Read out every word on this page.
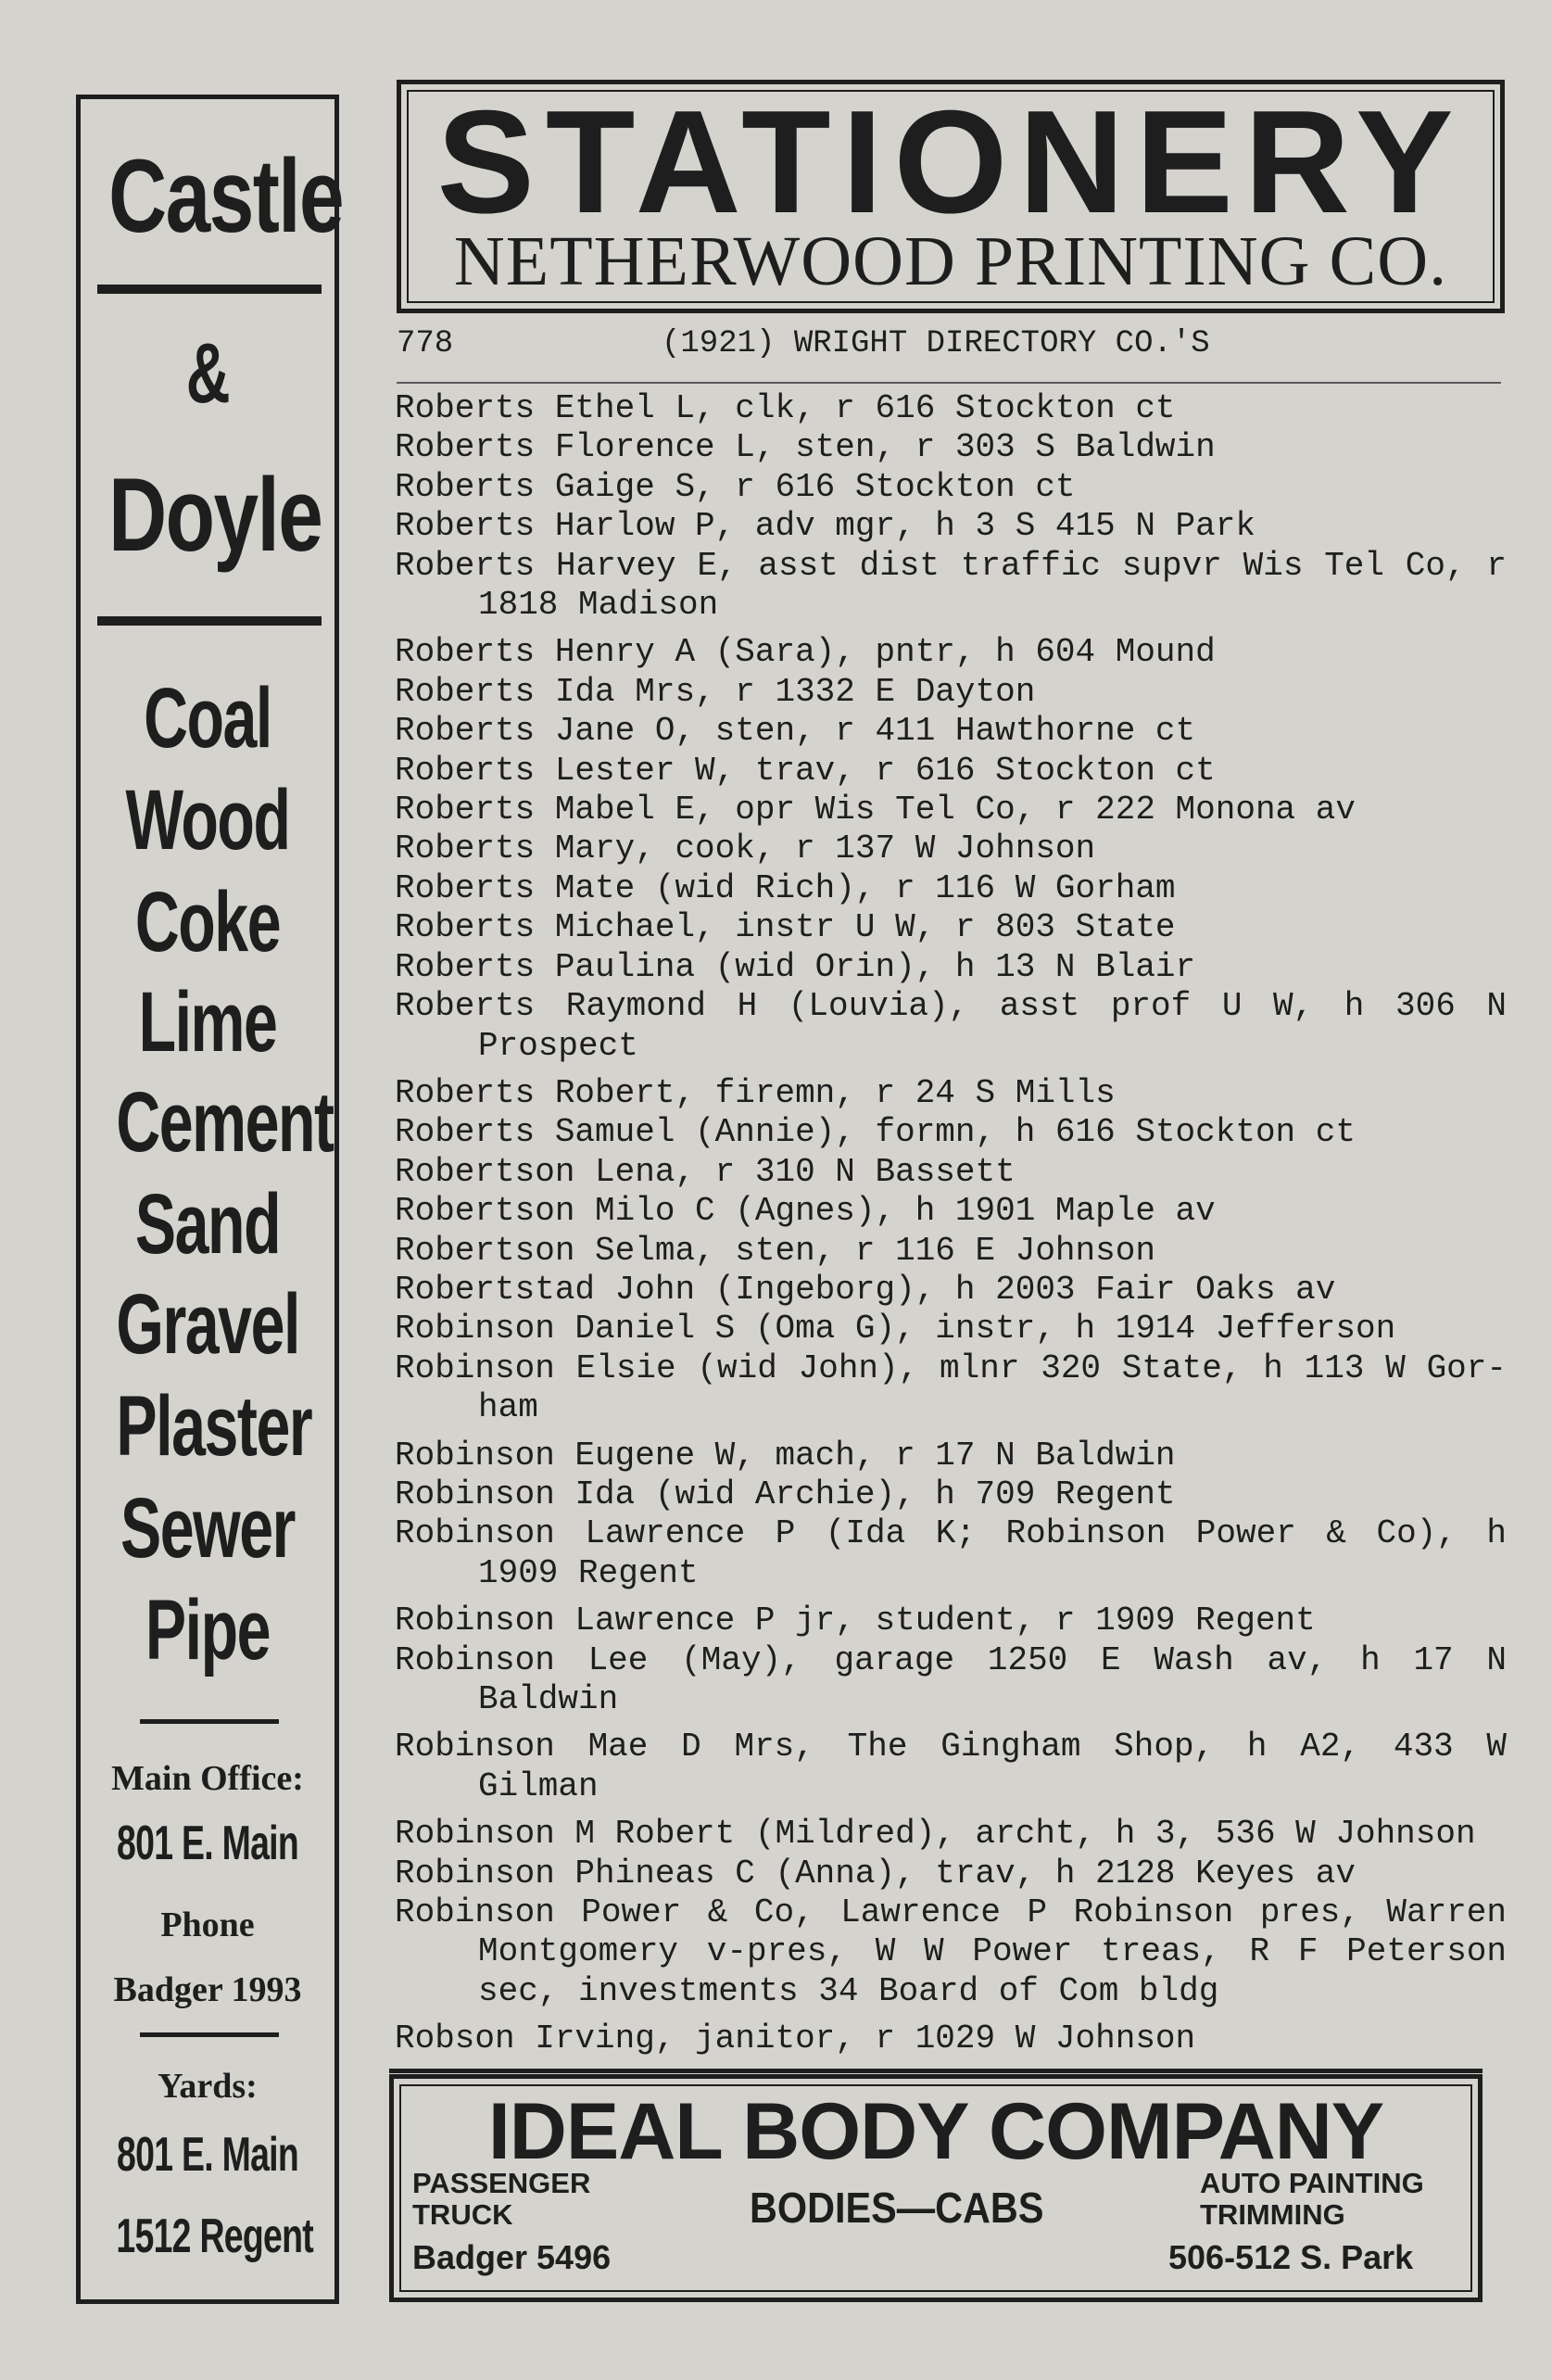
Castle
&
Doyle
Coal
Wood
Coke
Lime
Cement
Sand
Gravel
Plaster
Sewer
Pipe
Main Office:
801 E. Main
Phone
Badger 1993
Yards:
801 E. Main
1512 Regent
STATIONERY
NETHERWOOD PRINTING CO.
778	(1921) WRIGHT DIRECTORY CO.'S
Roberts Ethel L, clk, r 616 Stockton ct
Roberts Florence L, sten, r 303 S Baldwin
Roberts Gaige S, r 616 Stockton ct
Roberts Harlow P, adv mgr, h 3 S 415 N Park
Roberts Harvey E, asst dist traffic supvr Wis Tel Co, r 1818 Madison
Roberts Henry A (Sara), pntr, h 604 Mound
Roberts Ida Mrs, r 1332 E Dayton
Roberts Jane O, sten, r 411 Hawthorne ct
Roberts Lester W, trav, r 616 Stockton ct
Roberts Mabel E, opr Wis Tel Co, r 222 Monona av
Roberts Mary, cook, r 137 W Johnson
Roberts Mate (wid Rich), r 116 W Gorham
Roberts Michael, instr U W, r 803 State
Roberts Paulina (wid Orin), h 13 N Blair
Roberts Raymond H (Louvia), asst prof U W, h 306 N Prospect
Roberts Robert, firemn, r 24 S Mills
Roberts Samuel (Annie), formn, h 616 Stockton ct
Robertson Lena, r 310 N Bassett
Robertson Milo C (Agnes), h 1901 Maple av
Robertson Selma, sten, r 116 E Johnson
Robertstad John (Ingeborg), h 2003 Fair Oaks av
Robinson Daniel S (Oma G), instr, h 1914 Jefferson
Robinson Elsie (wid John), mlnr 320 State, h 113 W Gor-ham
Robinson Eugene W, mach, r 17 N Baldwin
Robinson Ida (wid Archie), h 709 Regent
Robinson Lawrence P (Ida K; Robinson Power & Co), h 1909 Regent
Robinson Lawrence P jr, student, r 1909 Regent
Robinson Lee (May), garage 1250 E Wash av, h 17 N Baldwin
Robinson Mae D Mrs, The Gingham Shop, h A2, 433 W Gilman
Robinson M Robert (Mildred), archt, h 3, 536 W Johnson
Robinson Phineas C (Anna), trav, h 2128 Keyes av
Robinson Power & Co, Lawrence P Robinson pres, Warren Montgomery v-pres, W W Power treas, R F Peterson sec, investments 34 Board of Com bldg
Robson Irving, janitor, r 1029 W Johnson
IDEAL BODY COMPANY
PASSENGER
TRUCK
Badger 5496
BODIES—CABS
AUTO PAINTING
TRIMMING
506-512 S. Park
